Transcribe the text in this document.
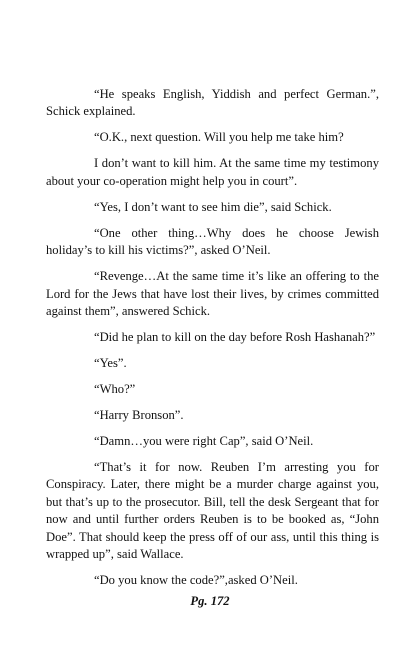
“He speaks English, Yiddish and perfect German.”, Schick explained.

“O.K., next question. Will you help me take him?

I don’t want to kill him. At the same time my testimony about your co-operation might help you in court”.

“Yes, I don’t want to see him die”, said Schick.

“One other thing…Why does he choose Jewish holiday’s to kill his victims?”, asked O’Neil.

“Revenge…At the same time it’s like an offering to the Lord for the Jews that have lost their lives, by crimes committed against them”, answered Schick.

“Did he plan to kill on the day before Rosh Hashanah?”

“Yes”.

“Who?”

“Harry Bronson”.

“Damn…you were right Cap”, said O’Neil.

“That’s it for now. Reuben I’m arresting you for Conspiracy. Later, there might be a murder charge against you, but that’s up to the prosecutor. Bill, tell the desk Sergeant that for now and until further orders Reuben is to be booked as, “John Doe”. That should keep the press off of our ass, until this thing is wrapped up”, said Wallace.

“Do you know the code?”,asked O’Neil.

Pg. 172
